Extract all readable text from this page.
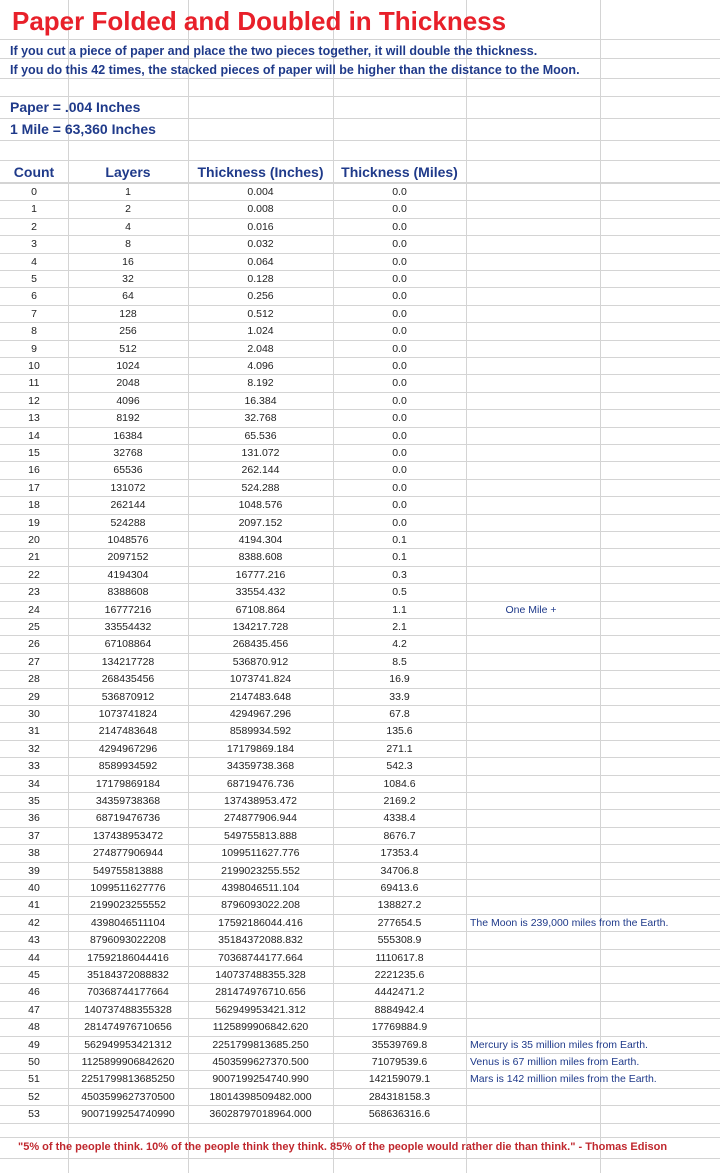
Paper Folded and Doubled in Thickness
If you cut a piece of paper and place the two pieces together, it will double the thickness.
If you do this 42 times, the stacked pieces of paper will be higher than the distance to the Moon.
Paper = .004 Inches
1 Mile = 63,360 Inches
Count	Layers	Thickness (Inches)	Thickness (Miles)
0	1	0.004	0.0
1	2	0.008	0.0
2	4	0.016	0.0
3	8	0.032	0.0
4	16	0.064	0.0
5	32	0.128	0.0
6	64	0.256	0.0
7	128	0.512	0.0
8	256	1.024	0.0
9	512	2.048	0.0
10	1024	4.096	0.0
11	2048	8.192	0.0
12	4096	16.384	0.0
13	8192	32.768	0.0
14	16384	65.536	0.0
15	32768	131.072	0.0
16	65536	262.144	0.0
17	131072	524.288	0.0
18	262144	1048.576	0.0
19	524288	2097.152	0.0
20	1048576	4194.304	0.1
21	2097152	8388.608	0.1
22	4194304	16777.216	0.3
23	8388608	33554.432	0.5
24	16777216	67108.864	1.1	One Mile +
25	33554432	134217.728	2.1
26	67108864	268435.456	4.2
27	134217728	536870.912	8.5
28	268435456	1073741.824	16.9
29	536870912	2147483.648	33.9
30	1073741824	4294967.296	67.8
31	2147483648	8589934.592	135.6
32	4294967296	17179869.184	271.1
33	8589934592	34359738.368	542.3
34	17179869184	68719476.736	1084.6
35	34359738368	137438953.472	2169.2
36	68719476736	274877906.944	4338.4
37	137438953472	549755813.888	8676.7
38	274877906944	1099511627.776	17353.4
39	549755813888	2199023255.552	34706.8
40	1099511627776	4398046511.104	69413.6
41	2199023255552	8796093022.208	138827.2
42	4398046511104	17592186044.416	277654.5	The Moon is 239,000 miles from the Earth.
43	8796093022208	35184372088.832	555308.9
44	17592186044416	70368744177.664	1110617.8
45	35184372088832	140737488355.328	2221235.6
46	70368744177664	281474976710.656	4442471.2
47	140737488355328	562949953421.312	8884942.4
48	281474976710656	1125899906842.620	17769884.9
49	562949953421312	2251799813685.250	35539769.8	Mercury is 35 million miles from Earth.
50	1125899906842620	4503599627370.500	71079539.6	Venus is 67 million miles from Earth.
51	2251799813685250	9007199254740.990	142159079.1	Mars is 142 million miles from the Earth.
52	4503599627370500	18014398509482.000	284318158.3
53	9007199254740990	36028797018964.000	568636316.6
"5% of the people think. 10% of the people think they think. 85% of the people would rather die than think." - Thomas Edison
